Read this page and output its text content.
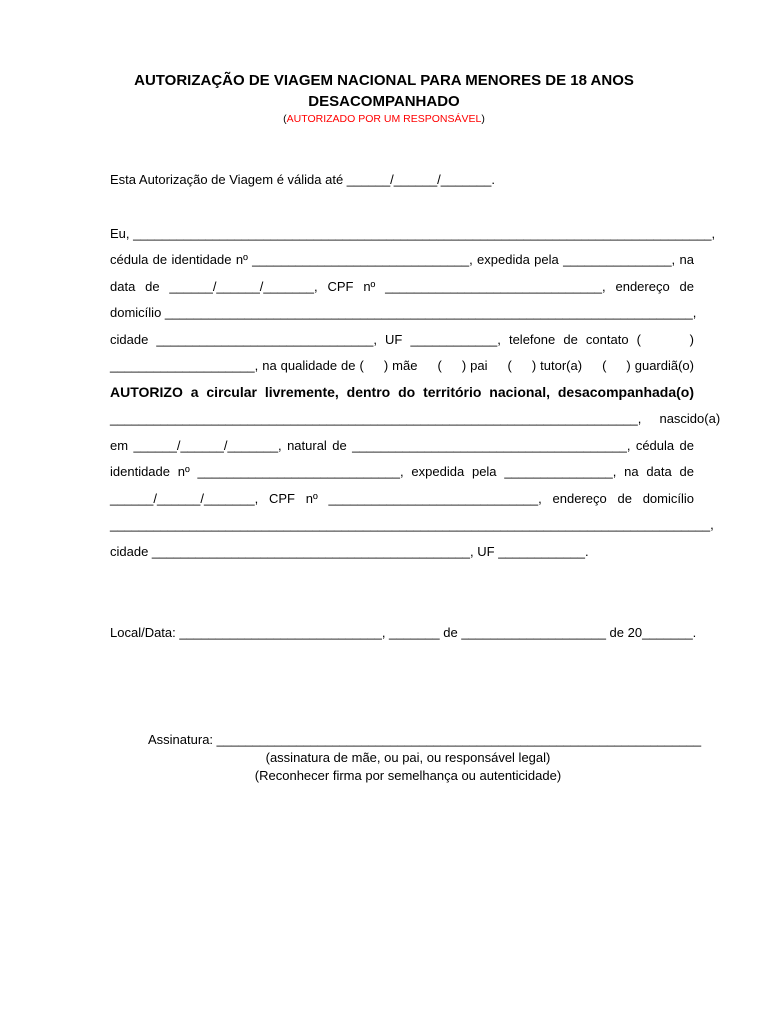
AUTORIZAÇÃO DE VIAGEM NACIONAL PARA MENORES DE 18 ANOS
DESACOMPANHADO
(AUTORIZADO POR UM RESPONSÁVEL)
Esta Autorização de Viagem é válida até ______/______/_______.
Eu, ________________________________________________________________________________,
cédula de identidade nº ______________________________, expedida pela _______________, na
data de ______/______/_______, CPF nº ______________________________, endereço de
domicílio _________________________________________________________________________,
cidade ______________________________, UF ____________, telefone de contato (      )
____________________, na qualidade de (     ) mãe     (     ) pai     (     ) tutor(a)     (     ) guardiã(o)
AUTORIZO a circular livremente, dentro do território nacional, desacompanhada(o)
_________________________________________________________________________,     nascido(a)
em ______/______/_______, natural de ______________________________________, cédula de
identidade nº ____________________________, expedida pela _______________, na data de
______/______/_______, CPF nº _____________________________, endereço de domicílio
___________________________________________________________________________________,
cidade ____________________________________________, UF ____________.
Local/Data: ____________________________, _______ de ____________________ de 20_______.
Assinatura: ___________________________________________________________________
(assinatura de mãe, ou pai, ou responsável legal)
(Reconhecer firma por semelhança ou autenticidade)
